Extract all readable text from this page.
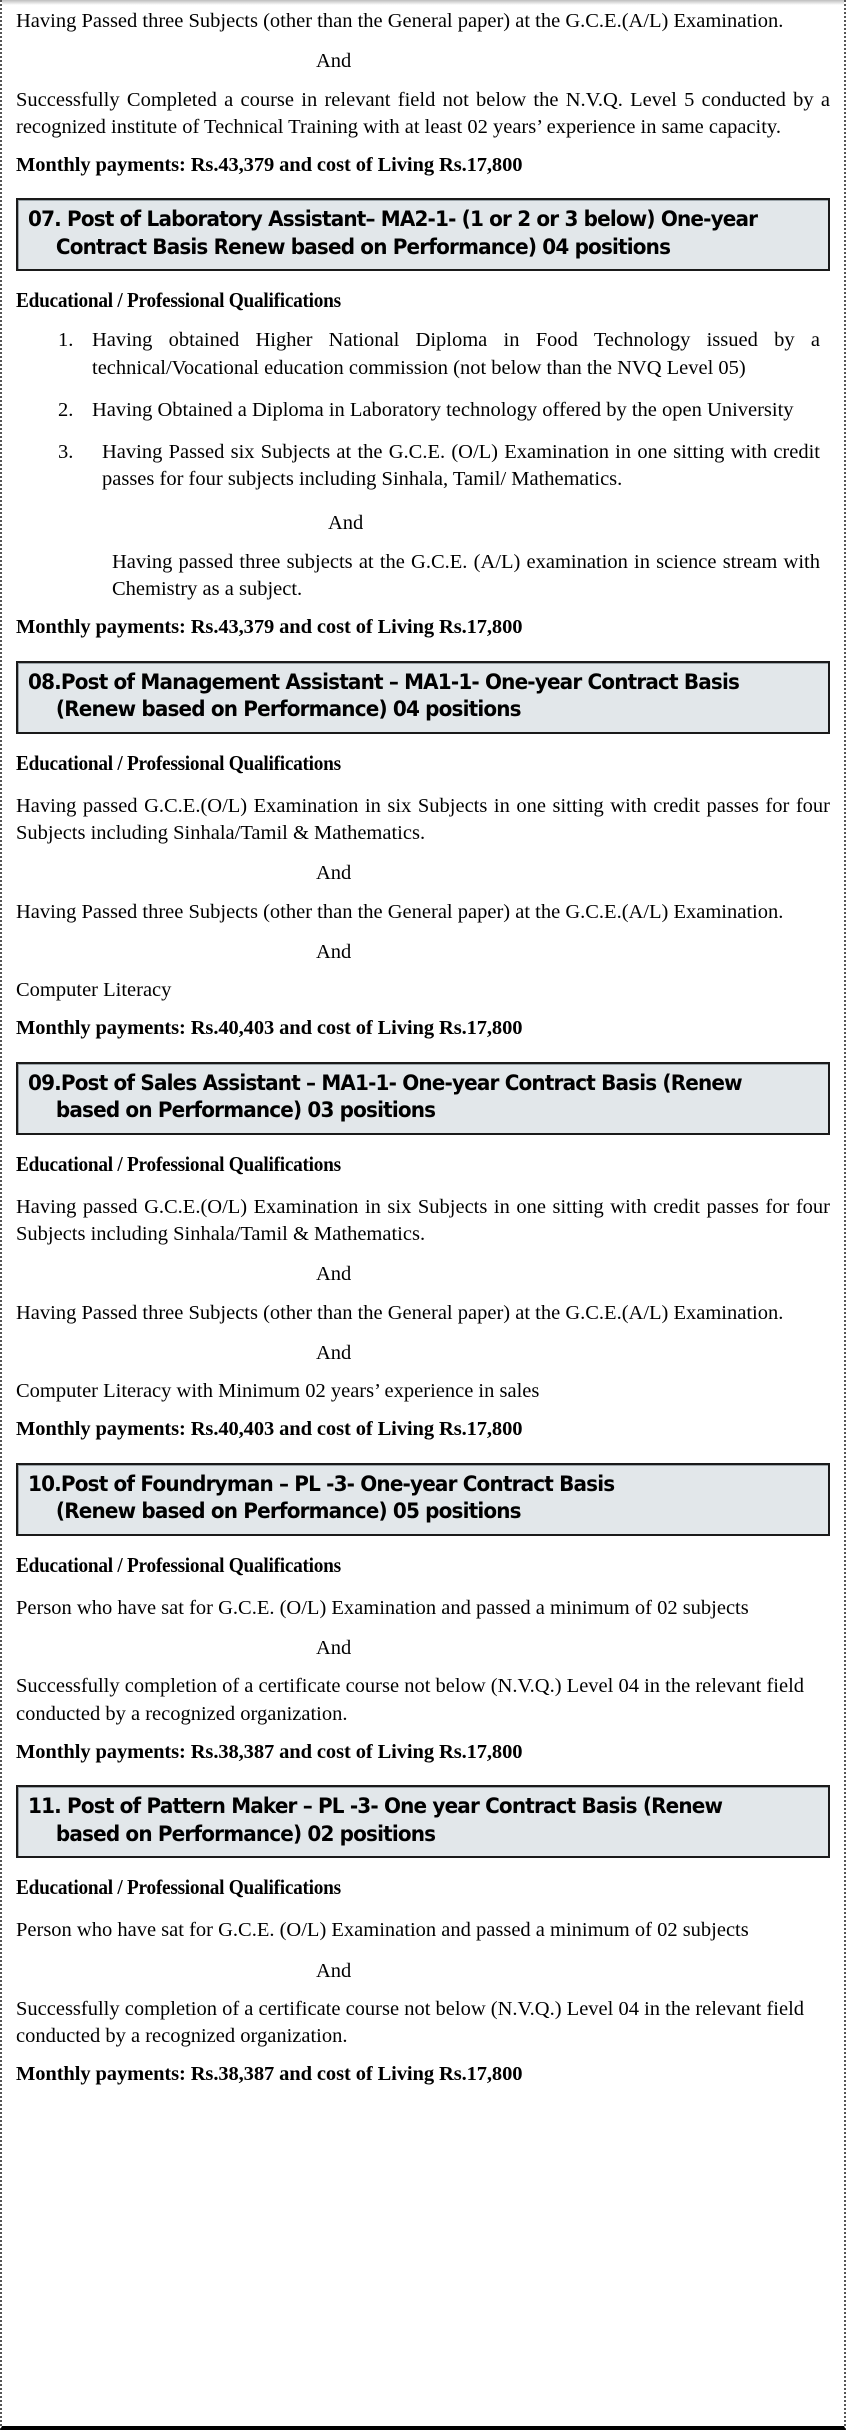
Having Passed three Subjects (other than the General paper) at the G.C.E.(A/L) Examination.

And

Successfully Completed a course in relevant field not below the N.V.Q. Level 5 conducted by a recognized institute of Technical Training with at least 02 years’ experience in same capacity.

Monthly payments: Rs.43,379 and cost of Living Rs.17,800

07. Post of Laboratory Assistant– MA2-1- (1 or 2 or 3 below) One-year
Contract Basis Renew based on Performance) 04 positions
Educational / Professional Qualifications
1. Having obtained Higher National Diploma in Food Technology issued by a technical/Vocational education commission (not below than the NVQ Level 05)
2. Having Obtained a Diploma in Laboratory technology offered by the open University
3.	Having Passed six Subjects at the G.C.E. (O/L) Examination in one sitting with credit passes for four subjects including Sinhala, Tamil/ Mathematics.
And
Having passed three subjects at the G.C.E. (A/L) examination in science stream with Chemistry as a subject.

Monthly payments: Rs.43,379 and cost of Living Rs.17,800

08.Post of Management Assistant – MA1-1- One-year Contract Basis
(Renew based on Performance) 04 positions
Educational / Professional Qualifications

Having passed G.C.E.(O/L) Examination in six Subjects in one sitting with credit passes for four Subjects including Sinhala/Tamil & Mathematics.

And

Having Passed three Subjects (other than the General paper) at the G.C.E.(A/L) Examination.

And

Computer Literacy

Monthly payments: Rs.40,403 and cost of Living Rs.17,800

09.Post of Sales Assistant – MA1-1- One-year Contract Basis (Renew
based on Performance) 03 positions
Educational / Professional Qualifications

Having passed G.C.E.(O/L) Examination in six Subjects in one sitting with credit passes for four Subjects including Sinhala/Tamil & Mathematics.

And

Having Passed three Subjects (other than the General paper) at the G.C.E.(A/L) Examination.

And

Computer Literacy with Minimum 02 years’ experience in sales

Monthly payments: Rs.40,403 and cost of Living Rs.17,800

10.Post of Foundryman – PL -3- One-year Contract Basis
(Renew based on Performance) 05 positions
Educational / Professional Qualifications

Person who have sat for G.C.E. (O/L) Examination and passed a minimum of 02 subjects

And

Successfully completion of a certificate course not below (N.V.Q.) Level 04 in the relevant field conducted by a recognized organization.

Monthly payments: Rs.38,387 and cost of Living Rs.17,800

11. Post of Pattern Maker – PL -3- One year Contract Basis (Renew
based on Performance) 02 positions
Educational / Professional Qualifications

Person who have sat for G.C.E. (O/L) Examination and passed a minimum of 02 subjects

And

Successfully completion of a certificate course not below (N.V.Q.) Level 04 in the relevant field conducted by a recognized organization.

Monthly payments: Rs.38,387 and cost of Living Rs.17,800
